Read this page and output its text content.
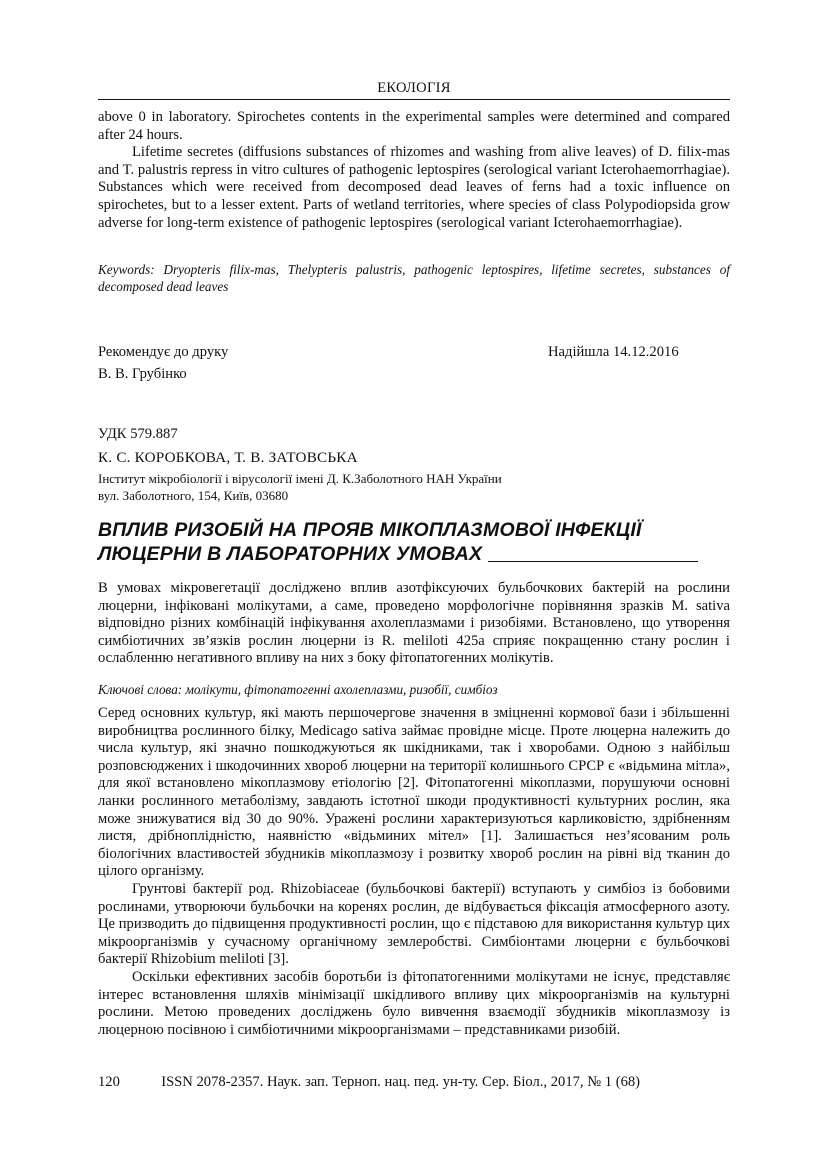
ЕКОЛОГІЯ

above 0 in laboratory. Spirochetes contents in the experimental samples were determined and compared after 24 hours.

Lifetime secretes (diffusions substances of rhizomes and washing from alive leaves) of D. filix-mas and T. palustris repress in vitro cultures of pathogenic leptospires (serological variant Icterohaemorrhagiae). Substances which were received from decomposed dead leaves of ferns had a toxic influence on spirochetes, but to a lesser extent. Parts of wetland territories, where species of class Polypodiopsida grow adverse for long-term existence of pathogenic leptospires (serological variant Icterohaemorrhagiae).

Keywords: Dryopteris filix-mas, Thelypteris palustris, pathogenic leptospires, lifetime secretes, substances of decomposed dead leaves
Рекомендує до друку	Надійшла 14.12.2016
В. В. Грубінко
УДК 579.887
К. С. КОРОБКОВА, Т. В. ЗАТОВСЬКА
Інститут мікробіології і вірусології імені Д. К.Заболотного НАН України
вул. Заболотного, 154, Київ, 03680
ВПЛИВ РИЗОБІЙ НА ПРОЯВ МІКОПЛАЗМОВОЇ ІНФЕКЦІЇ
ЛЮЦЕРНИ В ЛАБОРАТОРНИХ УМОВАХ

В умовах мікровегетації досліджено вплив азотфіксуючих бульбочкових бактерій на рослини люцерни, інфіковані молікутами, а саме, проведено морфологічне порівняння зразків M. sativa відповідно різних комбінацій інфікування ахолеплазмами і ризобіями. Встановлено, що утворення симбіотичних зв’язків рослин люцерни із R. meliloti 425a сприяє покращенню стану рослин і ослабленню негативного впливу на них з боку фітопатогенних молікутів.

Ключові слова: молікути, фітопатогенні ахолеплазми, ризобії, симбіоз

Серед основних культур, які мають першочергове значення в зміцненні кормової бази і збільшенні виробництва рослинного білку, Medicago sativa займає провідне місце. Проте люцерна належить до числа культур, які значно пошкоджуються як шкідниками, так і хворобами. Одною з найбільш розповсюджених і шкодочинних хвороб люцерни на території колишнього СРСР є «відьмина мітла», для якої встановлено мікоплазмову етіологію [2]. Фітопатогенні мікоплазми, порушуючи основні ланки рослинного метаболізму, завдають істотної шкоди продуктивності культурних рослин, яка може знижуватися від 30 до 90%. Уражені рослини характеризуються карликовістю, здрібненням листя, дрібноплідністю, наявністю «відьминих мітел» [1]. Залишається нез’ясованим роль біологічних властивостей збудників мікоплазмозу і розвитку хвороб рослин на рівні від тканин до цілого організму.

Грунтові бактерії род. Rhizobiaceae (бульбочкові бактерії) вступають у симбіоз із бобовими рослинами, утворюючи бульбочки на коренях рослин, де відбувається фіксація атмосферного азоту. Це призводить до підвищення продуктивності рослин, що є підставою для використання культур цих мікроорганізмів у сучасному органічному землеробстві. Симбіонтами люцерни є бульбочкові бактерії Rhizobium meliloti [3].

Оскільки ефективних засобів боротьби із фітопатогенними молікутами не існує, представляє інтерес встановлення шляхів мінімізації шкідливого впливу цих мікроорганізмів на культурні рослини. Метою проведених досліджень було вивчення взаємодії збудників мікоплазмозу із люцерною посівною і симбіотичними мікроорганізмами – представниками ризобій.

120	ISSN 2078-2357. Наук. зап. Терноп. нац. пед. ун-ту. Сер. Біол., 2017, № 1 (68)
